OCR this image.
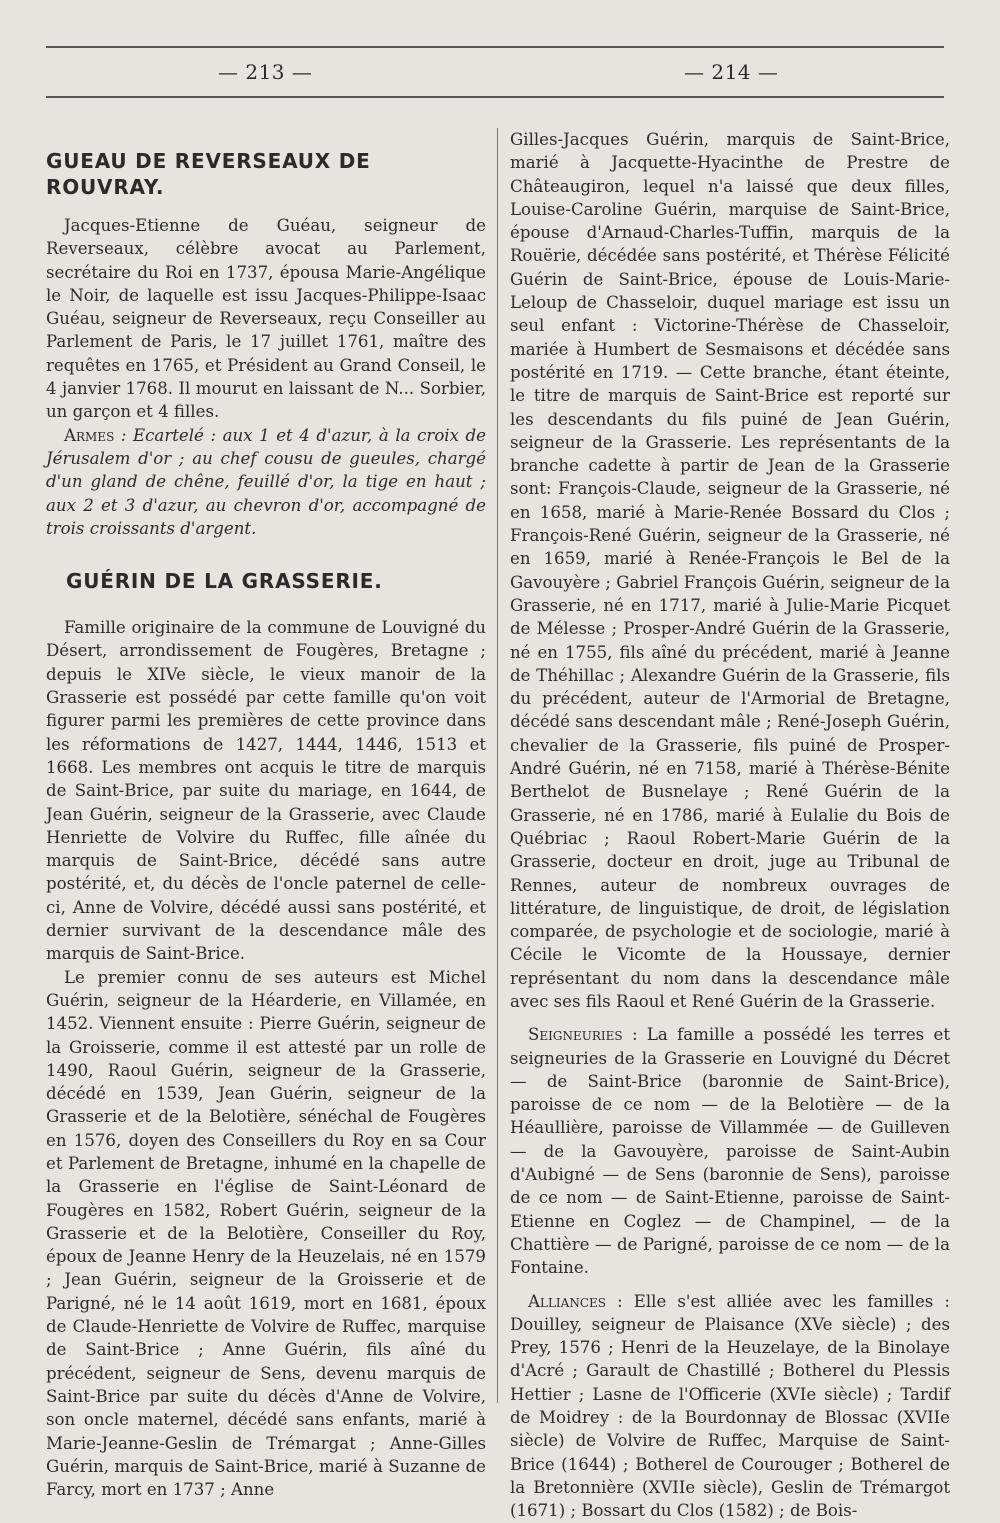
— 213 —	— 214 —
GUEAU DE REVERSEAUX DE ROUVRAY.

Jacques-Etienne de Guéau, seigneur de Reverseaux, célèbre avocat au Parlement, secrétaire du Roi en 1737, épousa Marie-Angélique le Noir, de laquelle est issu Jacques-Philippe-Isaac Guéau, seigneur de Reverseaux, reçu Conseiller au Parlement de Paris, le 17 juillet 1761, maître des requêtes en 1765, et Président au Grand Conseil, le 4 janvier 1768. Il mourut en laissant de N... Sorbier, un garçon et 4 filles.

Armes : Ecartelé : aux 1 et 4 d'azur, à la croix de Jérusalem d'or ; au chef cousu de gueules, chargé d'un gland de chêne, feuillé d'or, la tige en haut ; aux 2 et 3 d'azur, au chevron d'or, accompagné de trois croissants d'argent.

GUÉRIN DE LA GRASSERIE.

Famille originaire de la commune de Louvigné du Désert, arrondissement de Fougères, Bretagne ; depuis le XIVe siècle, le vieux manoir de la Grasserie est possédé par cette famille qu'on voit figurer parmi les premières de cette province dans les réformations de 1427, 1444, 1446, 1513 et 1668. Les membres ont acquis le titre de marquis de Saint-Brice, par suite du mariage, en 1644, de Jean Guérin, seigneur de la Grasserie, avec Claude Henriette de Volvire du Ruffec, fille aînée du marquis de Saint-Brice, décédé sans autre postérité, et, du décès de l'oncle paternel de celle-ci, Anne de Volvire, décédé aussi sans postérité, et dernier survivant de la descendance mâle des marquis de Saint-Brice.

Le premier connu de ses auteurs est Michel Guérin, seigneur de la Héarderie, en Villamée, en 1452. Viennent ensuite : Pierre Guérin, seigneur de la Groisserie, comme il est attesté par un rolle de 1490, Raoul Guérin, seigneur de la Grasserie, décédé en 1539, Jean Guérin, seigneur de la Grasserie et de la Belotière, sénéchal de Fougères en 1576, doyen des Conseillers du Roy en sa Cour et Parlement de Bretagne, inhumé en la chapelle de la Grasserie en l'église de Saint-Léonard de Fougères en 1582, Robert Guérin, seigneur de la Grasserie et de la Belotière, Conseiller du Roy, époux de Jeanne Henry de la Heuzelais, né en 1579 ; Jean Guérin, seigneur de la Groisserie et de Parigné, né le 14 août 1619, mort en 1681, époux de Claude-Henriette de Volvire de Ruffec, marquise de Saint-Brice ; Anne Guérin, fils aîné du précédent, seigneur de Sens, devenu marquis de Saint-Brice par suite du décès d'Anne de Volvire, son oncle maternel, décédé sans enfants, marié à Marie-Jeanne-Geslin de Trémargat ; Anne-Gilles Guérin, marquis de Saint-Brice, marié à Suzanne de Farcy, mort en 1737 ; Anne

Gilles-Jacques Guérin, marquis de Saint-Brice, marié à Jacquette-Hyacinthe de Prestre de Châteaugiron, lequel n'a laissé que deux filles, Louise-Caroline Guérin, marquise de Saint-Brice, épouse d'Arnaud-Charles-Tuffin, marquis de la Rouërie, décédée sans postérité, et Thérèse Félicité Guérin de Saint-Brice, épouse de Louis-Marie-Leloup de Chasseloir, duquel mariage est issu un seul enfant : Victorine-Thérèse de Chasseloir, mariée à Humbert de Sesmaisons et décédée sans postérité en 1719. — Cette branche, étant éteinte, le titre de marquis de Saint-Brice est reporté sur les descendants du fils puiné de Jean Guérin, seigneur de la Grasserie. Les représentants de la branche cadette à partir de Jean de la Grasserie sont: François-Claude, seigneur de la Grasserie, né en 1658, marié à Marie-Renée Bossard du Clos ; François-René Guérin, seigneur de la Grasserie, né en 1659, marié à Renée-François le Bel de la Gavouyère ; Gabriel François Guérin, seigneur de la Grasserie, né en 1717, marié à Julie-Marie Picquet de Mélesse ; Prosper-André Guérin de la Grasserie, né en 1755, fils aîné du précédent, marié à Jeanne de Théhillac ; Alexandre Guérin de la Grasserie, fils du précédent, auteur de l'Armorial de Bretagne, décédé sans descendant mâle ; René-Joseph Guérin, chevalier de la Grasserie, fils puiné de Prosper-André Guérin, né en 7158, marié à Thérèse-Bénite Berthelot de Busnelaye ; René Guérin de la Grasserie, né en 1786, marié à Eulalie du Bois de Québriac ; Raoul Robert-Marie Guérin de la Grasserie, docteur en droit, juge au Tribunal de Rennes, auteur de nombreux ouvrages de littérature, de linguistique, de droit, de législation comparée, de psychologie et de sociologie, marié à Cécile le Vicomte de la Houssaye, dernier représentant du nom dans la descendance mâle avec ses fils Raoul et René Guérin de la Grasserie.

Seigneuries : La famille a possédé les terres et seigneuries de la Grasserie en Louvigné du Décret — de Saint-Brice (baronnie de Saint-Brice), paroisse de ce nom — de la Belotière — de la Héaullière, paroisse de Villammée — de Guilleven — de la Gavouyère, paroisse de Saint-Aubin d'Aubigné — de Sens (baronnie de Sens), paroisse de ce nom — de Saint-Etienne, paroisse de Saint-Etienne en Coglez — de Champinel, — de la Chattière — de Parigné, paroisse de ce nom — de la Fontaine.

Alliances : Elle s'est alliée avec les familles : Douilley, seigneur de Plaisance (XVe siècle) ; des Prey, 1576 ; Henri de la Heuzelaye, de la Binolaye d'Acré ; Garault de Chastillé ; Botherel du Plessis Hettier ; Lasne de l'Officerie (XVIe siècle) ; Tardif de Moidrey : de la Bourdonnay de Blossac (XVIIe siècle) de Volvire de Ruffec, Marquise de Saint-Brice (1644) ; Botherel de Courouger ; Botherel de la Bretonnière (XVIIe siècle), Geslin de Trémargot (1671) ; Bossart du Clos (1582) ; de Bois-
